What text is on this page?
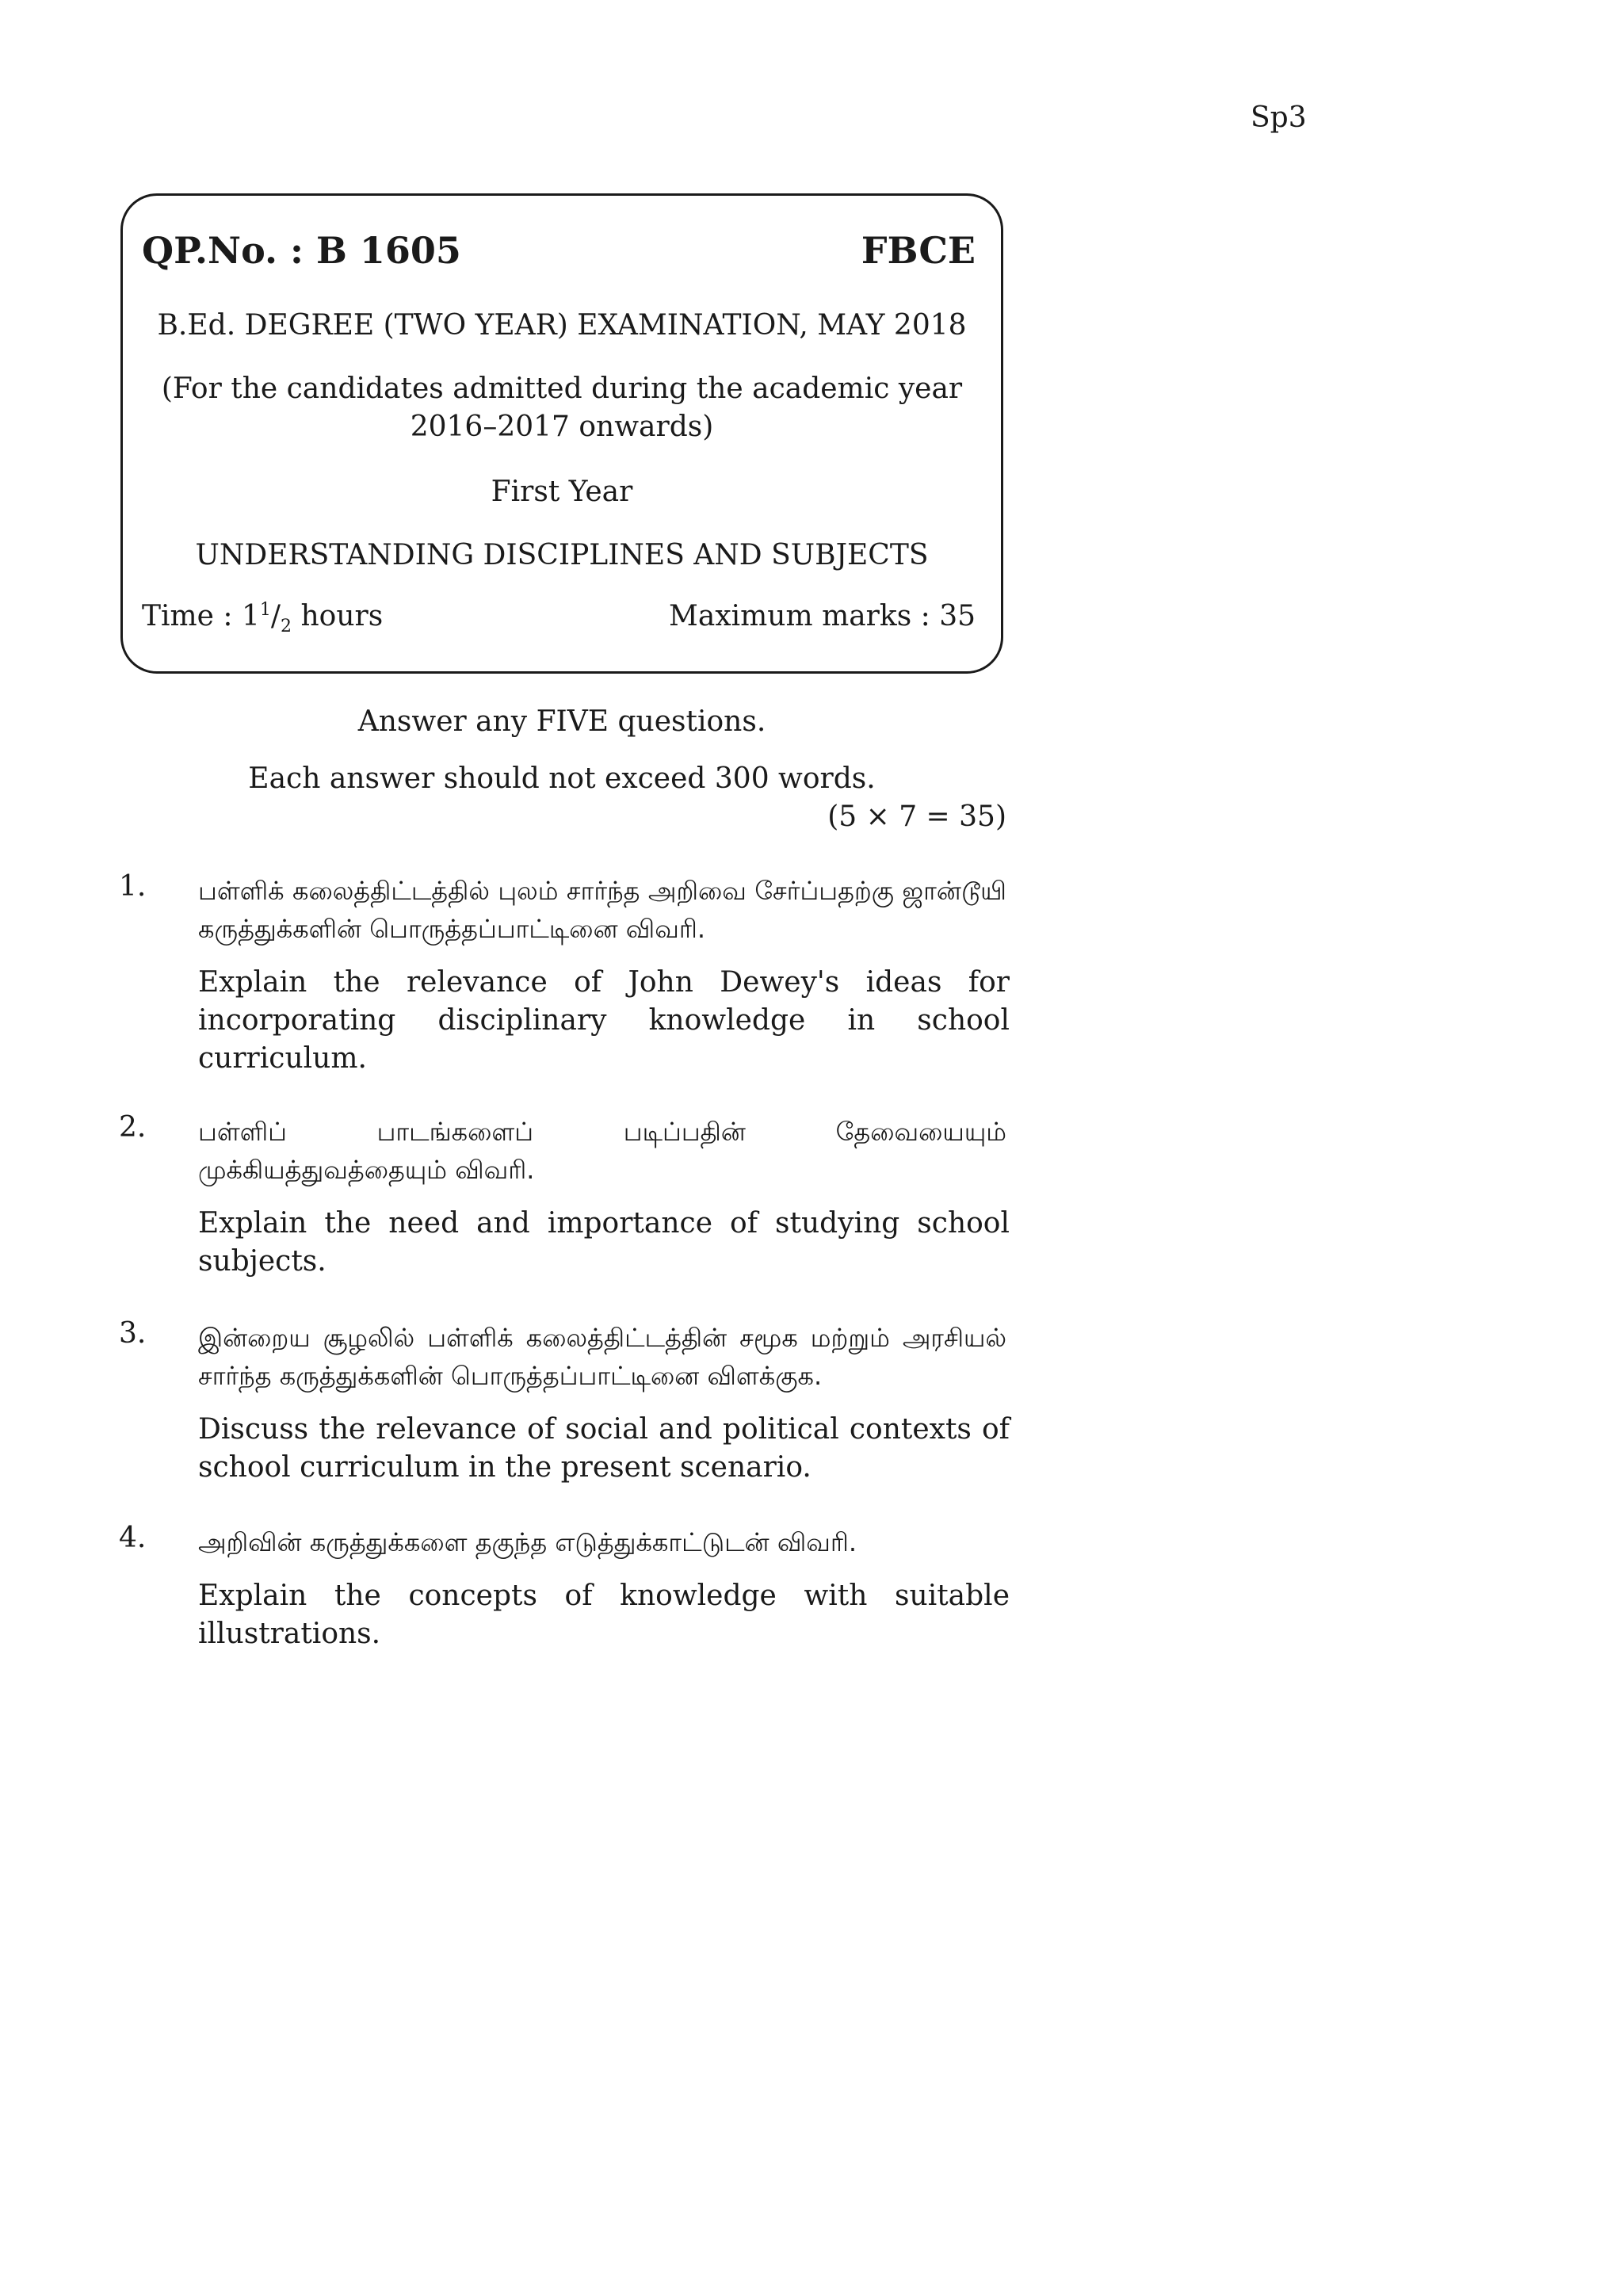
Sp3
QP.No. : B 1605	FBCE
B.Ed. DEGREE (TWO YEAR) EXAMINATION, MAY 2018
(For the candidates admitted during the academic year
2016–2017 onwards)
First Year
UNDERSTANDING DISCIPLINES AND SUBJECTS
Time : $1^1/_2$ hours	Maximum marks : 35
Answer any FIVE questions.
Each answer should not exceed 300 words.
(5 × 7 = 35)
1. பள்ளிக் கலைத்திட்டத்தில் புலம் சார்ந்த அறிவை சேர்ப்பதற்கு ஜான்டூயி கருத்துக்களின் பொருத்தப்பாட்டினை விவரி.
Explain the relevance of John Dewey's ideas for incorporating disciplinary knowledge in school curriculum.
2. பள்ளிப் பாடங்களைப் படிப்பதின் தேவையையும் முக்கியத்துவத்தையும் விவரி.
Explain the need and importance of studying school subjects.
3. இன்றைய சூழலில் பள்ளிக் கலைத்திட்டத்தின் சமூக மற்றும் அரசியல் சார்ந்த கருத்துக்களின் பொருத்தப்பாட்டினை விளக்குக.
Discuss the relevance of social and political contexts of school curriculum in the present scenario.
4. அறிவின் கருத்துக்களை தகுந்த எடுத்துக்காட்டுடன் விவரி.
Explain the concepts of knowledge with suitable illustrations.
